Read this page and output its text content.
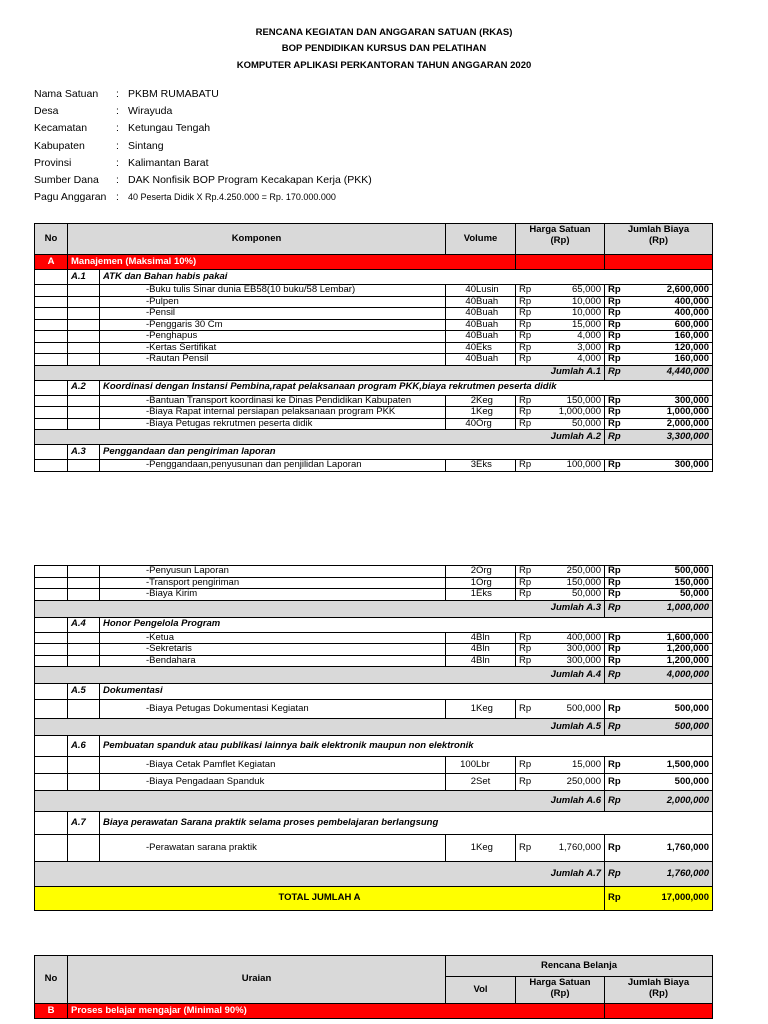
RENCANA KEGIATAN DAN ANGGARAN SATUAN (RKAS)
BOP PENDIDIKAN KURSUS DAN PELATIHAN
KOMPUTER APLIKASI PERKANTORAN TAHUN ANGGARAN 2020
Nama Satuan : PKBM RUMABATU
Desa	: Wirayuda
Kecamatan	: Ketungau Tengah
Kabupaten	: Sintang
Provinsi	: Kalimantan Barat
Sumber Dana : DAK Nonfisik BOP Program Kecakapan Kerja (PKK)
Pagu Anggaran : 40 Peserta Didik X Rp.4.250.000 = Rp. 170.000.000
No	Komponen		Volume	Harga Satuan
(Rp)	Jumlah Biaya
(Rp)
A	Manajemen (Maksimal 10%)				
	A.1	ATK dan Bahan habis pakai			
		-Buku tulis Sinar dunia EB58(10 buku/58 Lembar)	40Lusin	Rp 65,000	Rp 2,600,000

		-Pulpen	40Buah	Rp 10,000	Rp 400,000

		-Pensil	40Buah	Rp 10,000	Rp 400,000

		-Penggaris 30 Cm	40Buah	Rp 15,000	Rp 600,000

		-Penghapus	40Buah	Rp 4,000	Rp 160,000

		-Kertas Sertifikat	40Eks	Rp 3,000	Rp 120,000

		-Rautan Pensil	40Buah	Rp 4,000	Rp 160,000

Jumlah A.1					Rp 4,440,000

	A.2	Koordinasi dengan Instansi Pembina,rapat pelaksanaan program PKK,biaya rekrutmen peserta didik			
		-Bantuan Transport koordinasi ke Dinas Pendidikan Kabupaten	2Keg	Rp 150,000	Rp 300,000

		-Biaya Rapat internal persiapan pelaksanaan program PKK	1Keg	Rp 1,000,000	Rp 1,000,000

		-Biaya Petugas rekrutmen peserta didik	40Org	Rp 50,000	Rp 2,000,000

Jumlah A.2					Rp 3,300,000

	A.3	Penggandaan dan pengiriman laporan			
		-Penggandaan,penyusunan dan penjilidan Laporan	3Eks	Rp 100,000	Rp 300,000
		-Penyusun Laporan	2Org	Rp 250,000	Rp 500,000

		-Transport pengiriman	1Org	Rp 150,000	Rp 150,000

		-Biaya Kirim	1Eks	Rp 50,000	Rp 50,000

Jumlah A.3					Rp 1,000,000

	A.4	Honor Pengelola Program			
		-Ketua	4Bln	Rp 400,000	Rp 1,600,000

		-Sekretaris	4Bln	Rp 300,000	Rp 1,200,000

		-Bendahara	4Bln	Rp 300,000	Rp 1,200,000

Jumlah A.4					Rp 4,000,000

	A.5	Dokumentasi			
		-Biaya Petugas Dokumentasi Kegiatan	1Keg	Rp 500,000	Rp 500,000

Jumlah A.5					Rp 500,000

	A.6	Pembuatan spanduk atau publikasi lainnya baik elektronik maupun non elektronik			
		-Biaya Cetak Pamflet Kegiatan	100Lbr	Rp 15,000	Rp 1,500,000

		-Biaya Pengadaan Spanduk	2Set	Rp 250,000	Rp 500,000

Jumlah A.6					Rp 2,000,000

	A.7	Biaya perawatan Sarana praktik selama proses pembelajaran berlangsung			
		-Perawatan sarana praktik	1Keg	Rp 1,760,000	Rp 1,760,000

Jumlah A.7					Rp 1,760,000

TOTAL JUMLAH A					Rp 17,000,000
No	Uraian	Rencana Belanja		
		Vol	Harga Satuan
(Rp)	Jumlah Biaya
(Rp)
B	Proses belajar mengajar (Minimal 90%)			
